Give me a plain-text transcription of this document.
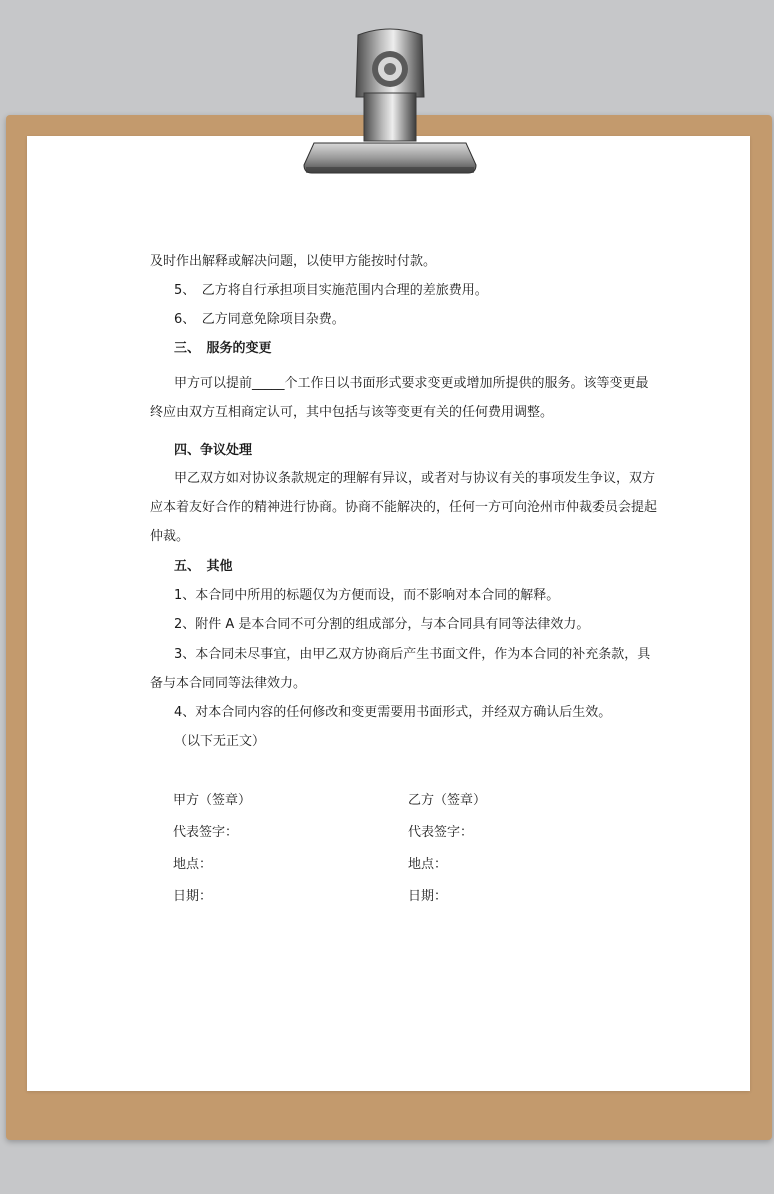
及时作出解释或解决问题，以使甲方能按时付款。
5、　乙方将自行承担项目实施范围内合理的差旅费用。
6、　乙方同意免除项目杂费。
三、　服务的变更
甲方可以提前_____个工作日以书面形式要求变更或增加所提供的服务。该等变更最
终应由双方互相商定认可，其中包括与该等变更有关的任何费用调整。
四、争议处理
甲乙双方如对协议条款规定的理解有异议，或者对与协议有关的事项发生争议，双方
应本着友好合作的精神进行协商。协商不能解决的，任何一方可向沧州市仲裁委员会提起
仲裁。
五、　其他
1、本合同中所用的标题仅为方便而设，而不影响对本合同的解释。
2、附件 A 是本合同不可分割的组成部分，与本合同具有同等法律效力。
3、本合同未尽事宜，由甲乙双方协商后产生书面文件，作为本合同的补充条款，具
备与本合同同等法律效力。
4、对本合同内容的任何修改和变更需要用书面形式，并经双方确认后生效。
（以下无正文）
甲方（签章）
代表签字：
地点：
日期：
乙方（签章）
代表签字：
地点：
日期：
